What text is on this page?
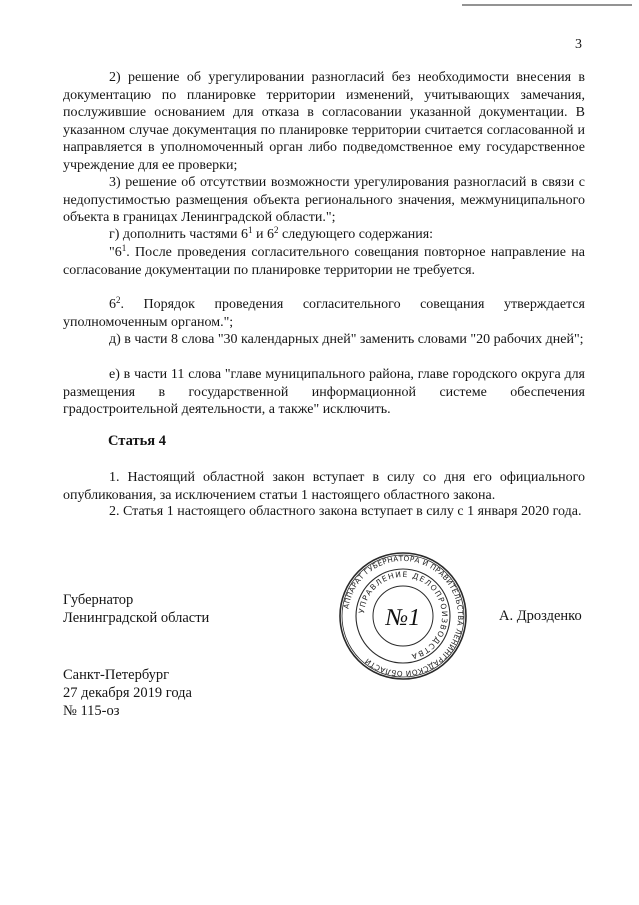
3

2) решение об урегулировании разногласий без необходимости внесения в документацию по планировке территории изменений, учитывающих замечания, послужившие основанием для отказа в согласовании указанной документации. В указанном случае документация по планировке территории считается согласованной и направляется в уполномоченный орган либо подведомственное ему государственное учреждение для ее проверки;

3) решение об отсутствии возможности урегулирования разногласий в связи с недопустимостью размещения объекта регионального значения, межмуниципального объекта в границах Ленинградской области.";

г) дополнить частями $6^1$ и $6^2$ следующего содержания:

"$6^1$. После проведения согласительного совещания повторное направление на согласование документации по планировке территории не требуется.

$6^2$. Порядок проведения согласительного совещания утверждается уполномоченным органом.";

д) в части 8 слова "30 календарных дней" заменить словами "20 рабочих дней";

е) в части 11 слова "главе муниципального района, главе городского округа для размещения в государственной информационной системе обеспечения градостроительной деятельности, а также" исключить.

Статья 4

1. Настоящий областной закон вступает в силу со дня его официального опубликования, за исключением статьи 1 настоящего областного закона.

2. Статья 1 настоящего областного закона вступает в силу с 1 января 2020 года.

Губернатор
Ленинградской области
АППАРАТ ГУБЕРНАТОРА И ПРАВИТЕЛЬСТВА ЛЕНИНГРАДСКОЙ ОБЛАСТИ
УПРАВЛЕНИЕ ДЕЛОПРОИЗВОДСТВА
№1	А. Дрозденко
Санкт-Петербург
27 декабря 2019 года
№ 115-оз
